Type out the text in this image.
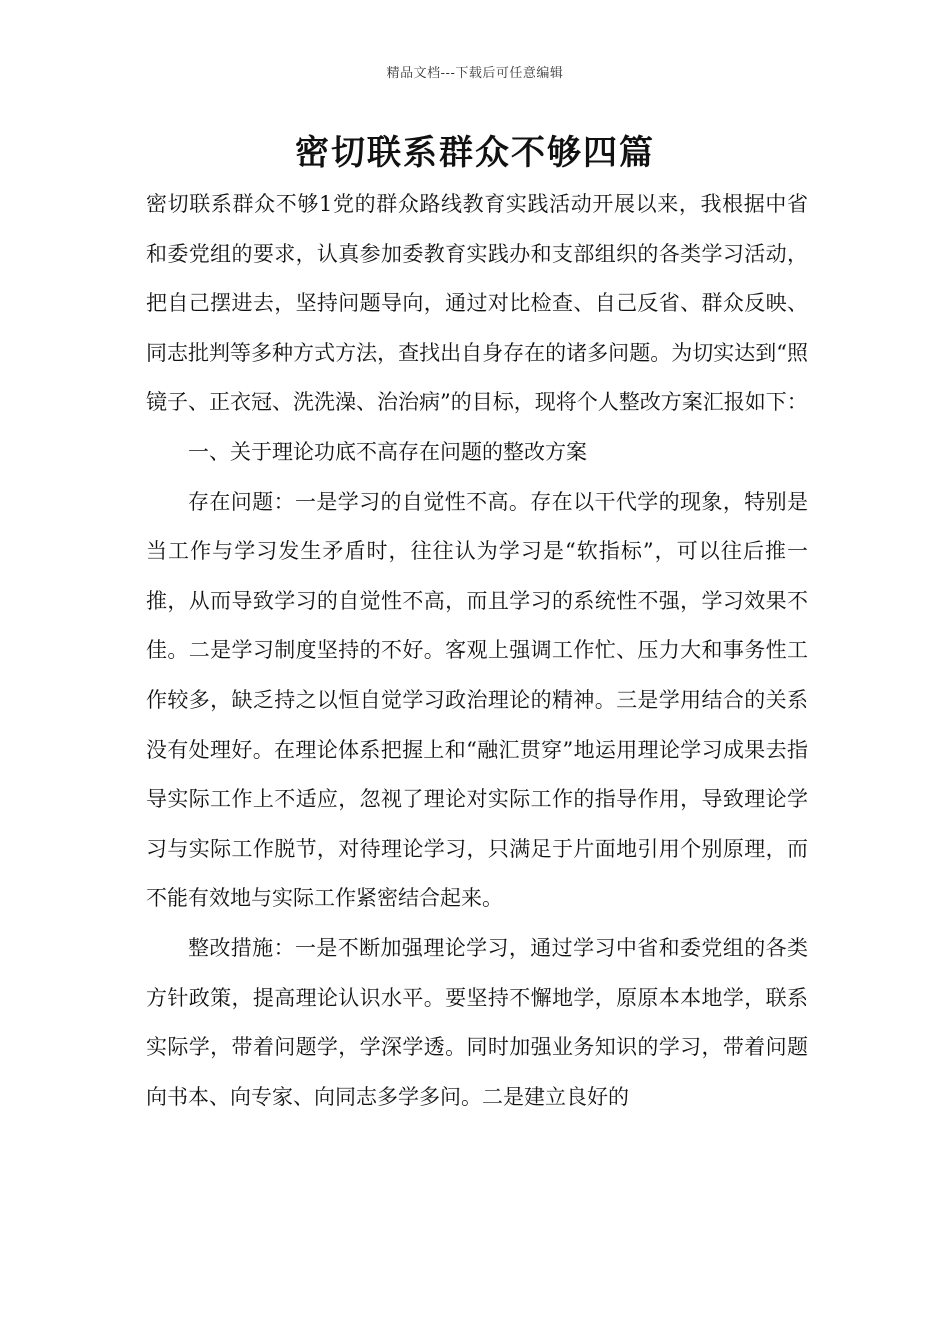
精品文档---下载后可任意编辑
密切联系群众不够四篇

密切联系群众不够1党的群众路线教育实践活动开展以来，我根据中省和委党组的要求，认真参加委教育实践办和支部组织的各类学习活动，把自己摆进去，坚持问题导向，通过对比检查、自己反省、群众反映、同志批判等多种方式方法，查找出自身存在的诸多问题。为切实达到“照镜子、正衣冠、洗洗澡、治治病”的目标，现将个人整改方案汇报如下：

一、关于理论功底不高存在问题的整改方案

存在问题：一是学习的自觉性不高。存在以干代学的现象，特别是当工作与学习发生矛盾时，往往认为学习是“软指标”，可以往后推一推，从而导致学习的自觉性不高，而且学习的系统性不强，学习效果不佳。二是学习制度坚持的不好。客观上强调工作忙、压力大和事务性工作较多，缺乏持之以恒自觉学习政治理论的精神。三是学用结合的关系没有处理好。在理论体系把握上和“融汇贯穿”地运用理论学习成果去指导实际工作上不适应，忽视了理论对实际工作的指导作用，导致理论学习与实际工作脱节，对待理论学习，只满足于片面地引用个别原理，而不能有效地与实际工作紧密结合起来。

整改措施：一是不断加强理论学习，通过学习中省和委党组的各类方针政策，提高理论认识水平。要坚持不懈地学，原原本本地学，联系实际学，带着问题学，学深学透。同时加强业务知识的学习，带着问题向书本、向专家、向同志多学多问。二是建立良好的
